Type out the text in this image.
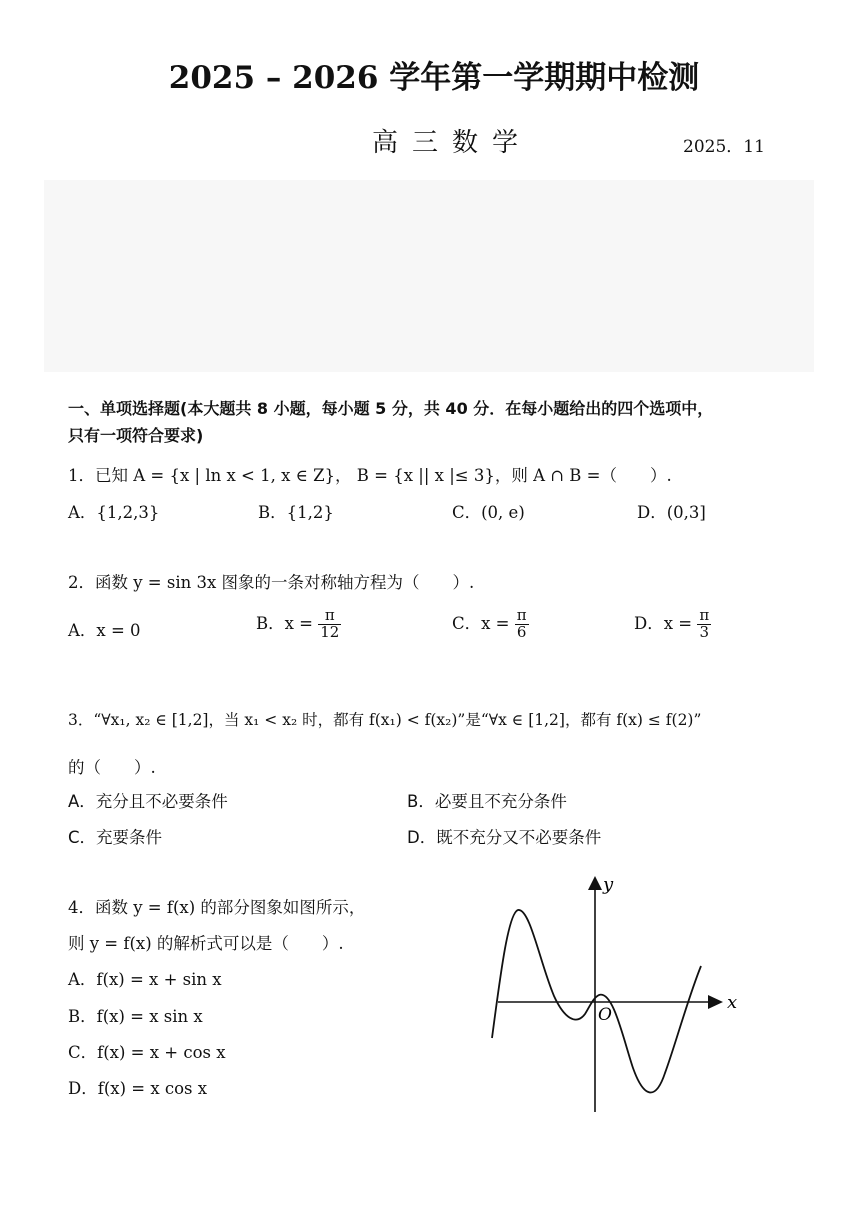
2025 – 2026 学年第一学期期中检测
高三数学	2025．11
一、单项选择题(本大题共 8 小题，每小题 5 分，共 40 分．在每小题给出的四个选项中，
只有一项符合要求)
1．已知 A = {x | ln x < 1, x ∈ Z}， B = {x || x |≤ 3}，则 A ∩ B =（　　）.
A．{1,2,3}	B．{1,2}	C．(0, e)	D．(0,3]
2．函数 y = sin 3x 图象的一条对称轴方程为（　　）.
A．x = 0	B．$x = \frac{\pi}{12}$	C．$x = \frac{\pi}{6}$	D．$x = \frac{\pi}{3}$
3．“∀x₁, x₂ ∈ [1,2]，当 x₁ < x₂ 时，都有 f(x₁) < f(x₂)”是“∀x ∈ [1,2]，都有 f(x) ≤ f(2)”
的（　　）.
A．充分且不必要条件	B．必要且不充分条件
C．充要条件	D．既不充分又不必要条件
4．函数 y = f(x) 的部分图象如图所示，
则 y = f(x) 的解析式可以是（　　）.
A．f(x) = x + sin x
B．f(x) = x sin x
C．f(x) = x + cos x
D．f(x) = x cos x
x
y
O
